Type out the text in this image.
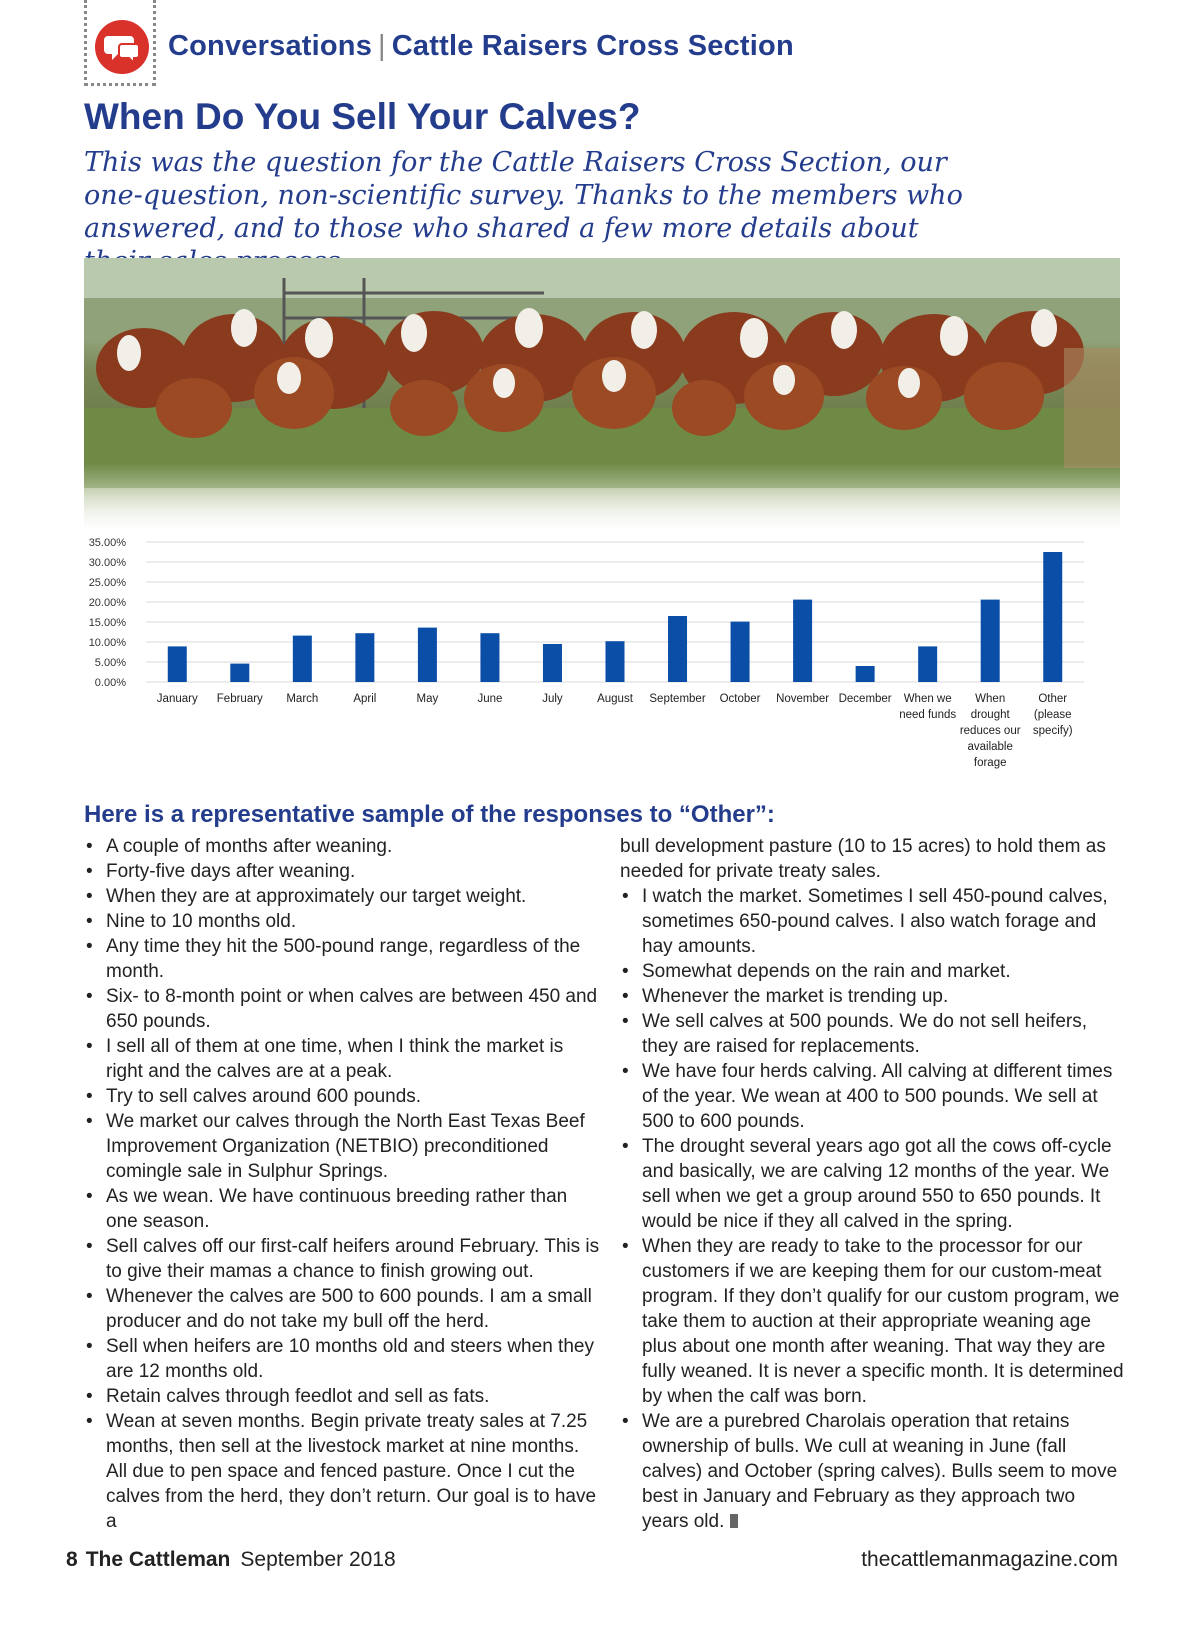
Conversations | Cattle Raisers Cross Section
When Do You Sell Your Calves?
This was the question for the Cattle Raisers Cross Section, our one-question, non-scientific survey. Thanks to the members who answered, and to those who shared a few more details about
0.00%
5.00%
10.00%
15.00%
20.00%
25.00%
30.00%
35.00%
January February March	April	May	June	July	August September October November December	When we need funds
When drought reduces our available forage
Other (please specify)
Here is a representative sample of the responses to “Other”:
• A couple of months after weaning.
• Forty-five days after weaning.
• When they are at approximately our target weight.
• Nine to 10 months old.
• Any time they hit the 500-pound range, regardless of the month.
• Six- to 8-month point or when calves are between 450 and 650 pounds.
• I sell all of them at one time, when I think the market is right and the calves are at a peak.
• Try to sell calves around 600 pounds.
• We market our calves through the North East Texas Beef Improvement Organization (NETBIO) preconditioned comingle sale in Sulphur Springs.
• As we wean. We have continuous breeding rather than one season.
• Sell calves off our first-calf heifers around February. This is to give their mamas a chance to finish growing out.
• Whenever the calves are 500 to 600 pounds. I am a small producer and do not take my bull off the herd.
• Sell when heifers are 10 months old and steers when they are 12 months old.
• Retain calves through feedlot and sell as fats.
• Wean at seven months. Begin private treaty sales at 7.25 months, then sell at the livestock market at nine months. All due to pen space and fenced pasture. Once I cut the calves from the herd, they don’t return. Our goal is to have a
bull development pasture (10 to 15 acres) to hold them as needed for private treaty sales.
• I watch the market. Sometimes I sell 450-pound calves, sometimes 650-pound calves. I also watch forage and hay amounts.
• Somewhat depends on the rain and market.
• Whenever the market is trending up.
• We sell calves at 500 pounds. We do not sell heifers, they are raised for replacements.
• We have four herds calving. All calving at different times of the year. We wean at 400 to 500 pounds. We sell at 500 to 600 pounds.
• The drought several years ago got all the cows off-cycle and basically, we are calving 12 months of the year. We sell when we get a group around 550 to 650 pounds. It would be nice if they all calved in the spring.
• When they are ready to take to the processor for our customers if we are keeping them for our custom-meat program. If they don’t qualify for our custom program, we take them to auction at their appropriate weaning age plus about one month after weaning. That way they are fully weaned. It is never a specific month. It is determined by when the calf was born.
• We are a purebred Charolais operation that retains ownership of bulls. We cull at weaning in June (fall calves) and October (spring calves). Bulls seem to move best in January and February as they approach two years old.
8 The Cattleman September 2018	thecattlemanmagazine.com
